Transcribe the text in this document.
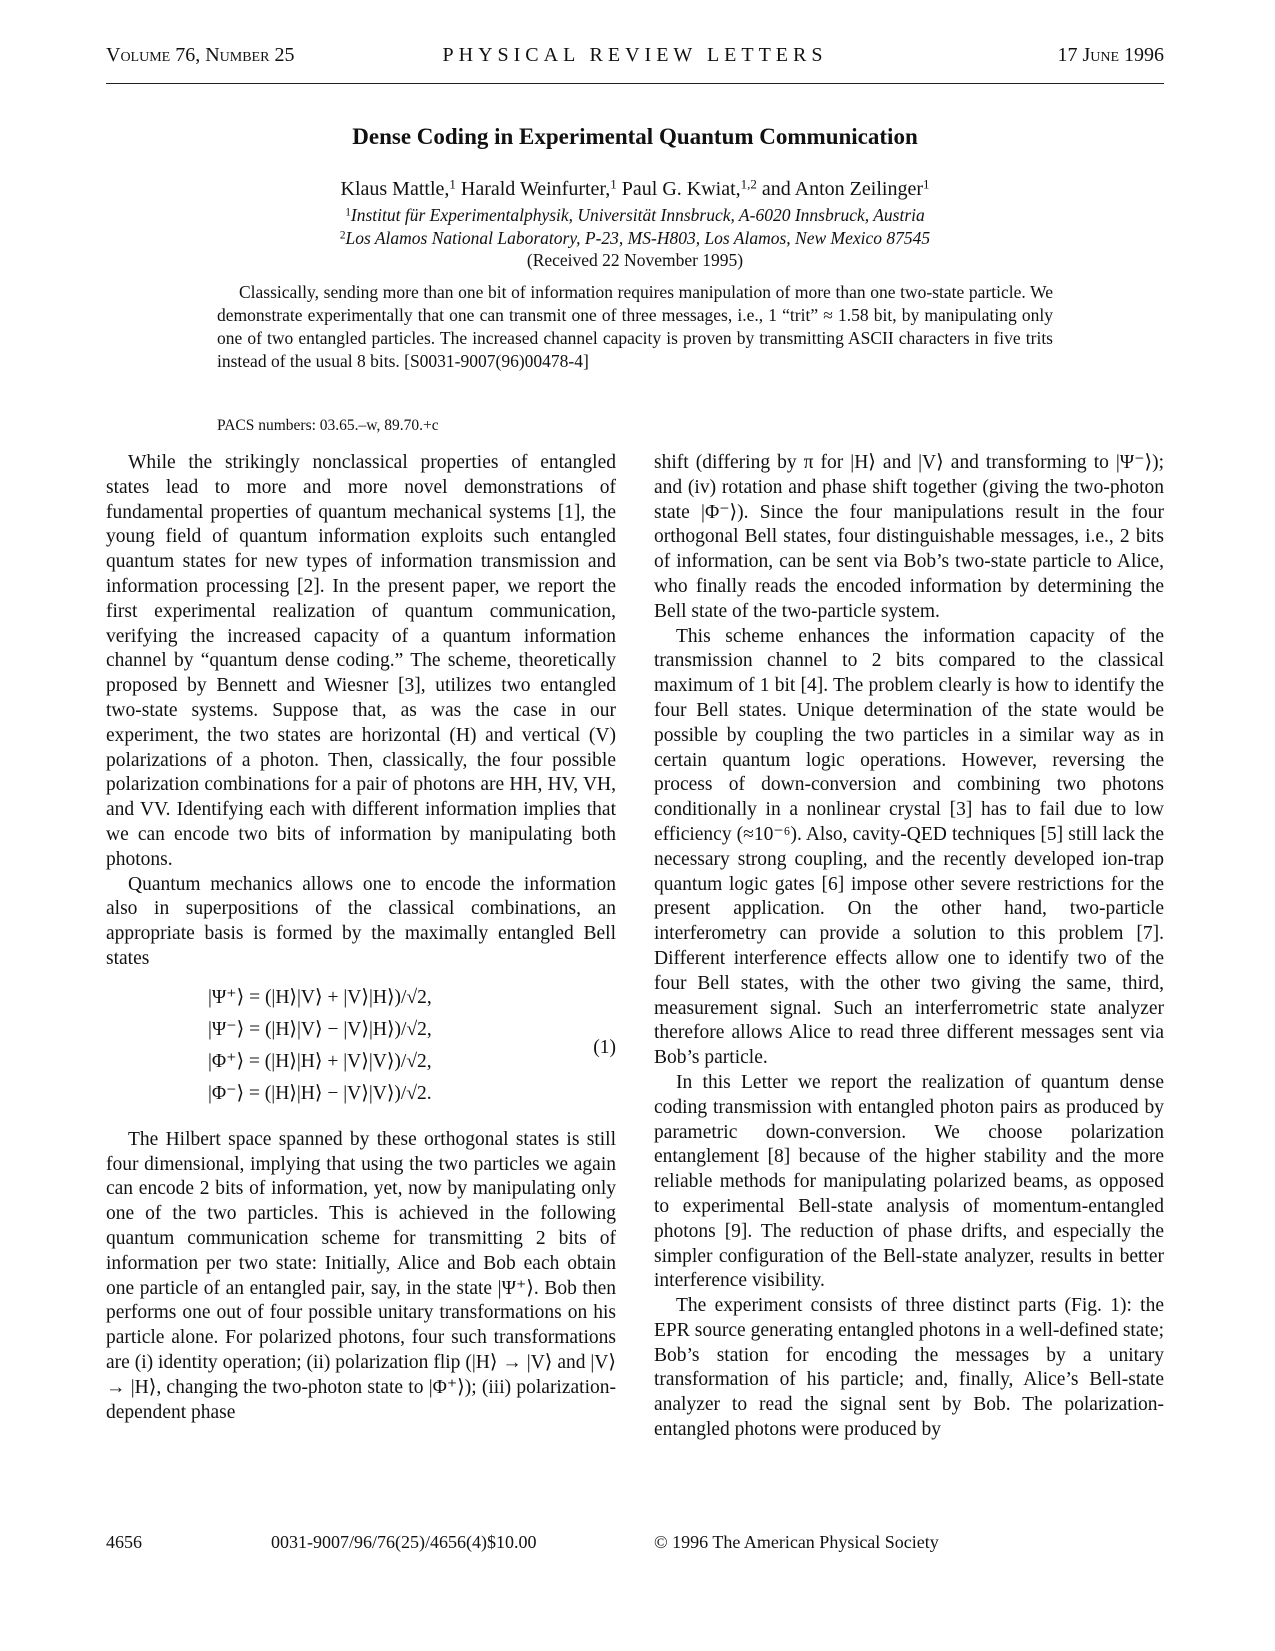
Volume 76, Number 25	PHYSICAL REVIEW LETTERS	17 June 1996
Dense Coding in Experimental Quantum Communication
Klaus Mattle,$^1$ Harald Weinfurter,$^1$ Paul G. Kwiat,$^{1,2}$ and Anton Zeilinger$^1$
$^1$Institut für Experimentalphysik, Universität Innsbruck, A-6020 Innsbruck, Austria
$^2$Los Alamos National Laboratory, P-23, MS-H803, Los Alamos, New Mexico 87545
(Received 22 November 1995)

Classically, sending more than one bit of information requires manipulation of more than one two-state particle. We demonstrate experimentally that one can transmit one of three messages, i.e., 1 “trit” ≈ 1.58 bit, by manipulating only one of two entangled particles. The increased channel capacity is proven by transmitting ASCII characters in five trits instead of the usual 8 bits. [S0031-9007(96)00478-4]

PACS numbers: 03.65.–w, 89.70.+c

While the strikingly nonclassical properties of entangled states lead to more and more novel demonstrations of fundamental properties of quantum mechanical systems [1], the young field of quantum information exploits such entangled quantum states for new types of information transmission and information processing [2]. In the present paper, we report the first experimental realization of quantum communication, verifying the increased capacity of a quantum information channel by “quantum dense coding.” The scheme, theoretically proposed by Bennett and Wiesner [3], utilizes two entangled two-state systems. Suppose that, as was the case in our experiment, the two states are horizontal (H) and vertical (V) polarizations of a photon. Then, classically, the four possible polarization combinations for a pair of photons are HH, HV, VH, and VV. Identifying each with different information implies that we can encode two bits of information by manipulating both photons.

Quantum mechanics allows one to encode the information also in superpositions of the classical combinations, an appropriate basis is formed by the maximally entangled Bell states

|Ψ⁺⟩ = (|H⟩|V⟩ + |V⟩|H⟩)/√2,
|Ψ⁻⟩ = (|H⟩|V⟩ − |V⟩|H⟩)/√2,
|Φ⁺⟩ = (|H⟩|H⟩ + |V⟩|V⟩)/√2,
|Φ⁻⟩ = (|H⟩|H⟩ − |V⟩|V⟩)/√2.
(1)

The Hilbert space spanned by these orthogonal states is still four dimensional, implying that using the two particles we again can encode 2 bits of information, yet, now by manipulating only one of the two particles. This is achieved in the following quantum communication scheme for transmitting 2 bits of information per two state: Initially, Alice and Bob each obtain one particle of an entangled pair, say, in the state |Ψ⁺⟩. Bob then performs one out of four possible unitary transformations on his particle alone. For polarized photons, four such transformations are (i) identity operation; (ii) polarization flip (|H⟩ → |V⟩ and |V⟩ → |H⟩, changing the two-photon state to |Φ⁺⟩); (iii) polarization-dependent phase

shift (differing by π for |H⟩ and |V⟩ and transforming to |Ψ⁻⟩); and (iv) rotation and phase shift together (giving the two-photon state |Φ⁻⟩). Since the four manipulations result in the four orthogonal Bell states, four distinguishable messages, i.e., 2 bits of information, can be sent via Bob’s two-state particle to Alice, who finally reads the encoded information by determining the Bell state of the two-particle system.

This scheme enhances the information capacity of the transmission channel to 2 bits compared to the classical maximum of 1 bit [4]. The problem clearly is how to identify the four Bell states. Unique determination of the state would be possible by coupling the two particles in a similar way as in certain quantum logic operations. However, reversing the process of down-conversion and combining two photons conditionally in a nonlinear crystal [3] has to fail due to low efficiency (≈10⁻⁶). Also, cavity-QED techniques [5] still lack the necessary strong coupling, and the recently developed ion-trap quantum logic gates [6] impose other severe restrictions for the present application. On the other hand, two-particle interferometry can provide a solution to this problem [7]. Different interference effects allow one to identify two of the four Bell states, with the other two giving the same, third, measurement signal. Such an interferrometric state analyzer therefore allows Alice to read three different messages sent via Bob’s particle.

In this Letter we report the realization of quantum dense coding transmission with entangled photon pairs as produced by parametric down-conversion. We choose polarization entanglement [8] because of the higher stability and the more reliable methods for manipulating polarized beams, as opposed to experimental Bell-state analysis of momentum-entangled photons [9]. The reduction of phase drifts, and especially the simpler configuration of the Bell-state analyzer, results in better interference visibility.

The experiment consists of three distinct parts (Fig. 1): the EPR source generating entangled photons in a well-defined state; Bob’s station for encoding the messages by a unitary transformation of his particle; and, finally, Alice’s Bell-state analyzer to read the signal sent by Bob. The polarization-entangled photons were produced by

4656	0031-9007/96/76(25)/4656(4)$10.00	© 1996 The American Physical Society
